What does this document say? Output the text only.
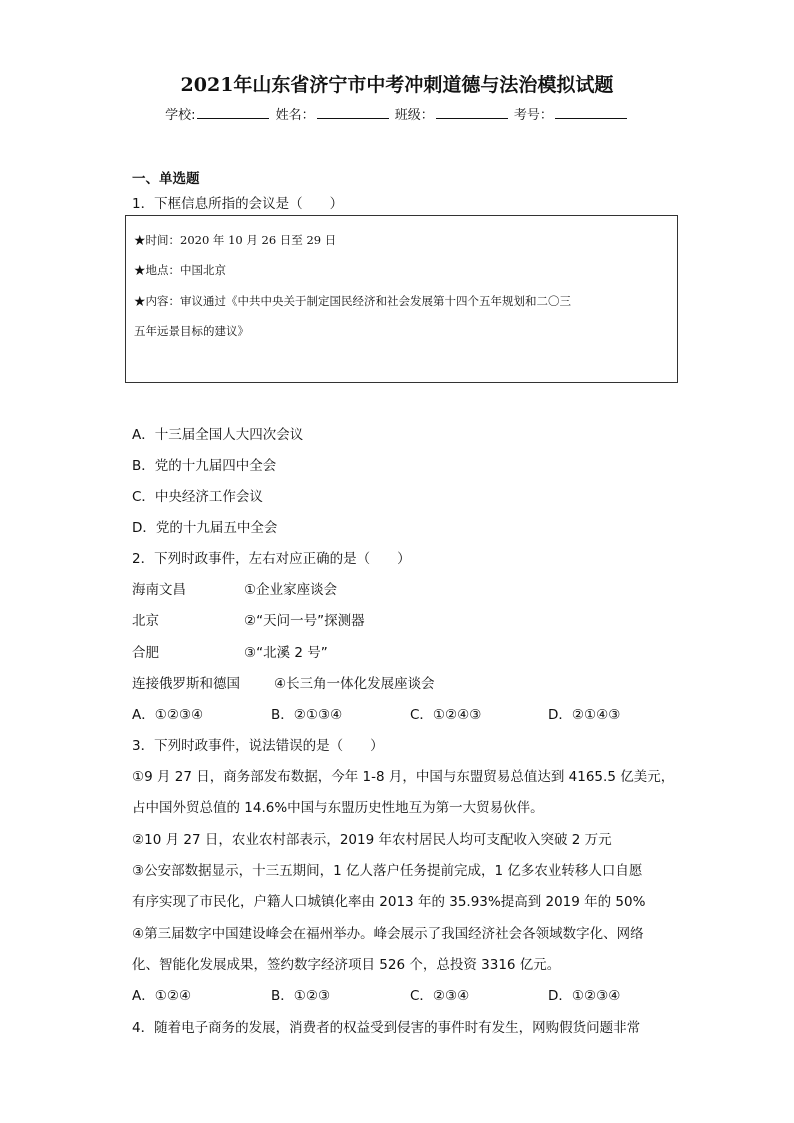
2021年山东省济宁市中考冲刺道德与法治模拟试题
学校:	姓名：	班级：	考号：
一、单选题
1．下框信息所指的会议是（　　）
★时间：2020 年 10 月 26 日至 29 日
★地点：中国北京
★内容：审议通过《中共中央关于制定国民经济和社会发展第十四个五年规划和二〇三
五年远景目标的建议》
A．十三届全国人大四次会议
B．党的十九届四中全会
C．中央经济工作会议
D．党的十九届五中全会
2．下列时政事件，左右对应正确的是（　　）
海南文昌	①企业家座谈会
北京	②“天问一号”探测器
合肥	③“北溪 2 号”
连接俄罗斯和德国	④长三角一体化发展座谈会
A．①②③④	B．②①③④	C．①②④③	D．②①④③
3．下列时政事件，说法错误的是（　　）
①9 月 27 日，商务部发布数据，今年 1-8 月，中国与东盟贸易总值达到 4165.5 亿美元，
占中国外贸总值的 14.6%中国与东盟历史性地互为第一大贸易伙伴。
②10 月 27 日，农业农村部表示，2019 年农村居民人均可支配收入突破 2 万元
③公安部数据显示，十三五期间，1 亿人落户任务提前完成，1 亿多农业转移人口自愿
有序实现了市民化，户籍人口城镇化率由 2013 年的 35.93%提高到 2019 年的 50%
④第三届数字中国建设峰会在福州举办。峰会展示了我国经济社会各领域数字化、网络
化、智能化发展成果，签约数字经济项目 526 个，总投资 3316 亿元。
A．①②④	B．①②③	C．②③④	D．①②③④
4．随着电子商务的发展，消费者的权益受到侵害的事件时有发生，网购假货问题非常
